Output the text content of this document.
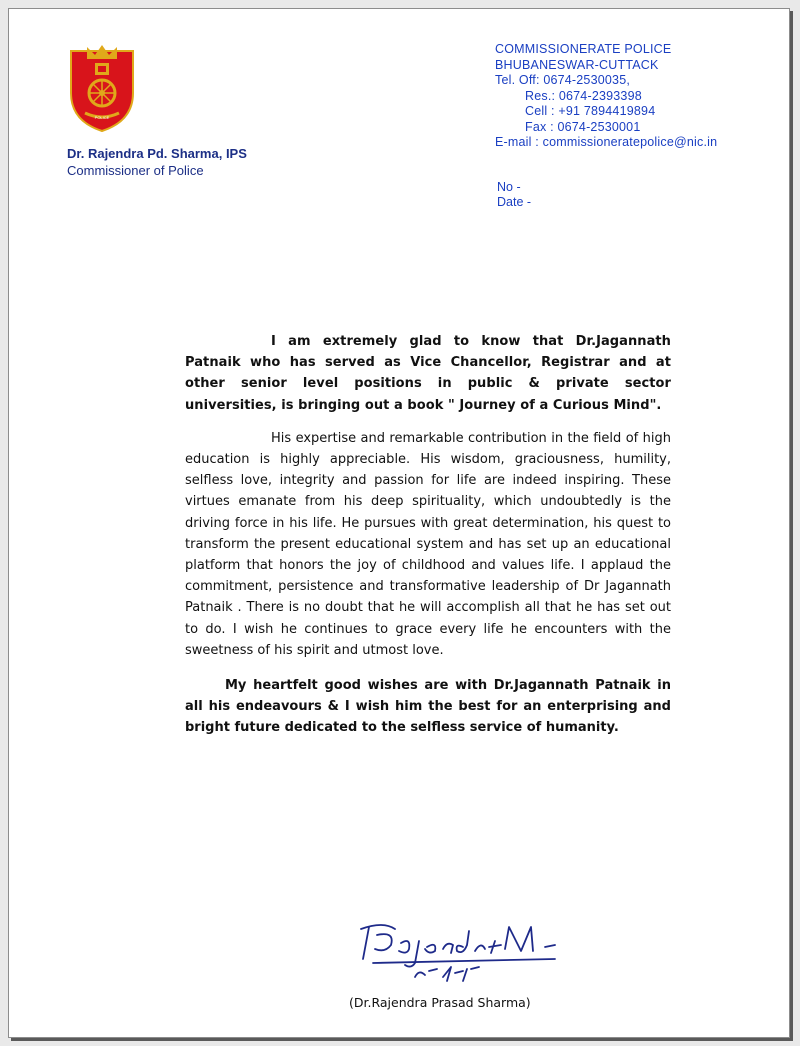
POLICE
Dr. Rajendra Pd. Sharma, IPS
Commissioner of Police
COMMISSIONERATE POLICE
BHUBANESWAR-CUTTACK
Tel. Off: 0674-2530035,
Res.: 0674-2393398
Cell : +91 7894419894
Fax : 0674-2530001
E-mail : commissioneratepolice@nic.in
No -
Date -

I am extremely glad to know that Dr.Jagannath Patnaik who has served as Vice Chancellor, Registrar and at other senior level positions in public & private sector universities, is bringing out a book " Journey of a Curious Mind".

His expertise and remarkable contribution in the field of high education is highly appreciable. His wisdom, graciousness, humility, selfless love, integrity and passion for life are indeed inspiring. These virtues emanate from his deep spirituality, which undoubtedly is the driving force in his life. He pursues with great determination, his quest to transform the present educational system and has set up an educational platform that honors the joy of childhood and values life. I applaud the commitment, persistence and transformative leadership of Dr Jagannath Patnaik . There is no doubt that he will accomplish all that he has set out to do. I wish he continues to grace every life he encounters with the sweetness of his spirit and utmost love.

My heartfelt good wishes are with Dr.Jagannath Patnaik in all his endeavours & I wish him the best for an enterprising and bright future dedicated to the selfless service of humanity.

(Dr.Rajendra Prasad Sharma)
